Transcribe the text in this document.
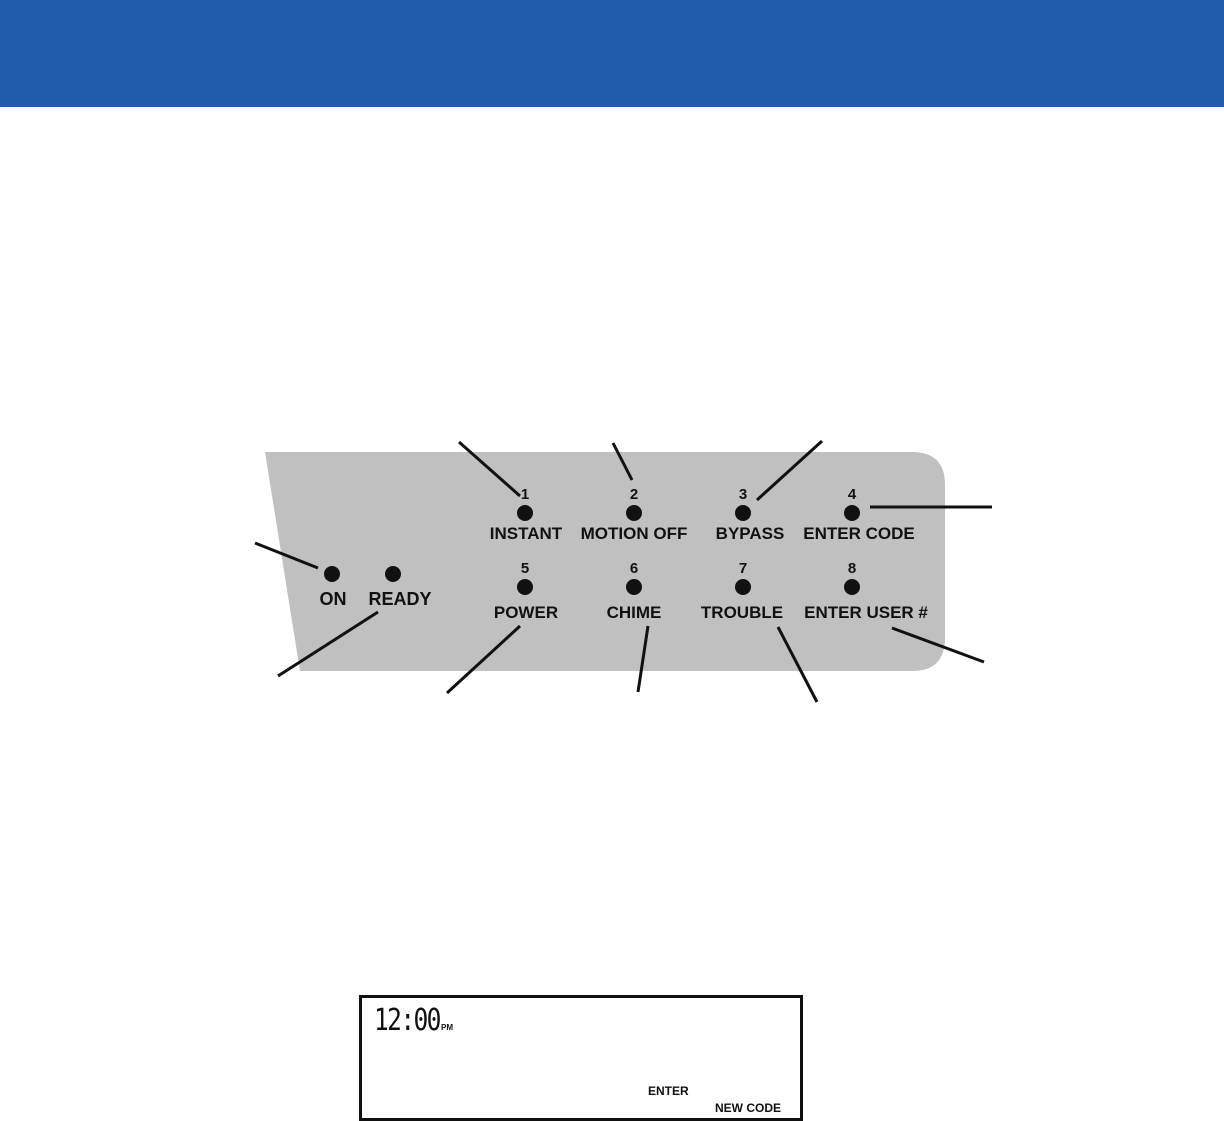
ON READY
1
INSTANT
2
MOTION OFF
3
BYPASS
4
ENTER CODE
5
POWER
6
CHIME
7
TROUBLE
8
ENTER USER #
12:00 PM
ENTER
NEW CODE
